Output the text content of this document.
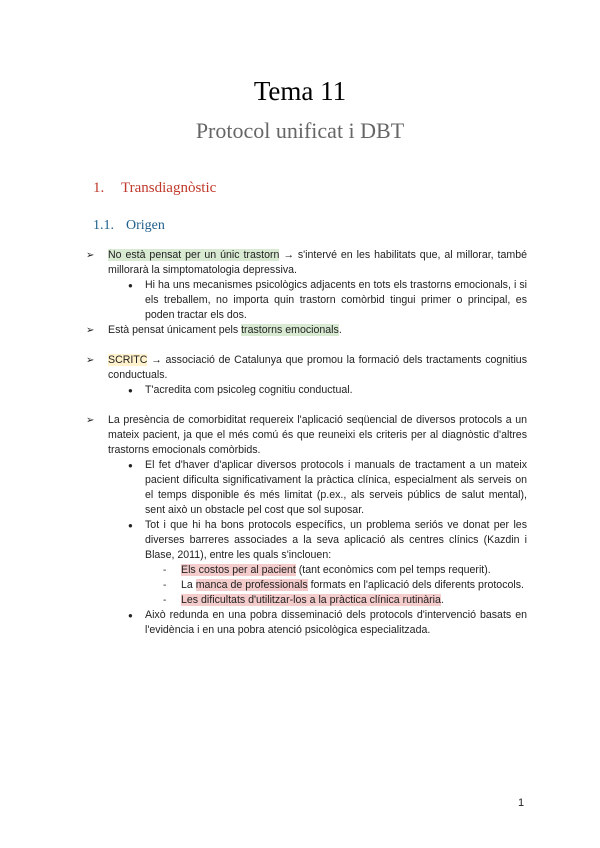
Tema 11
Protocol unificat i DBT
1. Transdiagnòstic
1.1. Origen
➢ No està pensat per un únic trastorn → s'intervé en les habilitats que, al millorar, també millorarà la simptomatologia depressiva.
● Hi ha uns mecanismes psicològics adjacents en tots els trastorns emocionals, i si els treballem, no importa quin trastorn comòrbid tingui primer o principal, es poden tractar els dos.
➢ Està pensat únicament pels trastorns emocionals.
➢ SCRITC → associació de Catalunya que promou la formació dels tractaments cognitius conductuals.
● T'acredita com psicoleg cognitiu conductual.
➢ La presència de comorbiditat requereix l'aplicació seqüencial de diversos protocols a un mateix pacient, ja que el més comú és que reuneixi els criteris per al diagnòstic d'altres trastorns emocionals comòrbids.
● El fet d'haver d'aplicar diversos protocols i manuals de tractament a un mateix pacient dificulta significativament la pràctica clínica, especialment als serveis on el temps disponible és més limitat (p.ex., als serveis públics de salut mental), sent això un obstacle pel cost que sol suposar.
● Tot i que hi ha bons protocols específics, un problema seriós ve donat per les diverses barreres associades a la seva aplicació als centres clínics (Kazdin i Blase, 2011), entre les quals s'inclouen:
- Els costos per al pacient (tant econòmics com pel temps requerit).
- La manca de professionals formats en l'aplicació dels diferents protocols.
- Les dificultats d'utilitzar-los a la pràctica clínica rutinària.
● Això redunda en una pobra disseminació dels protocols d'intervenció basats en l'evidència i en una pobra atenció psicològica especialitzada.
1
